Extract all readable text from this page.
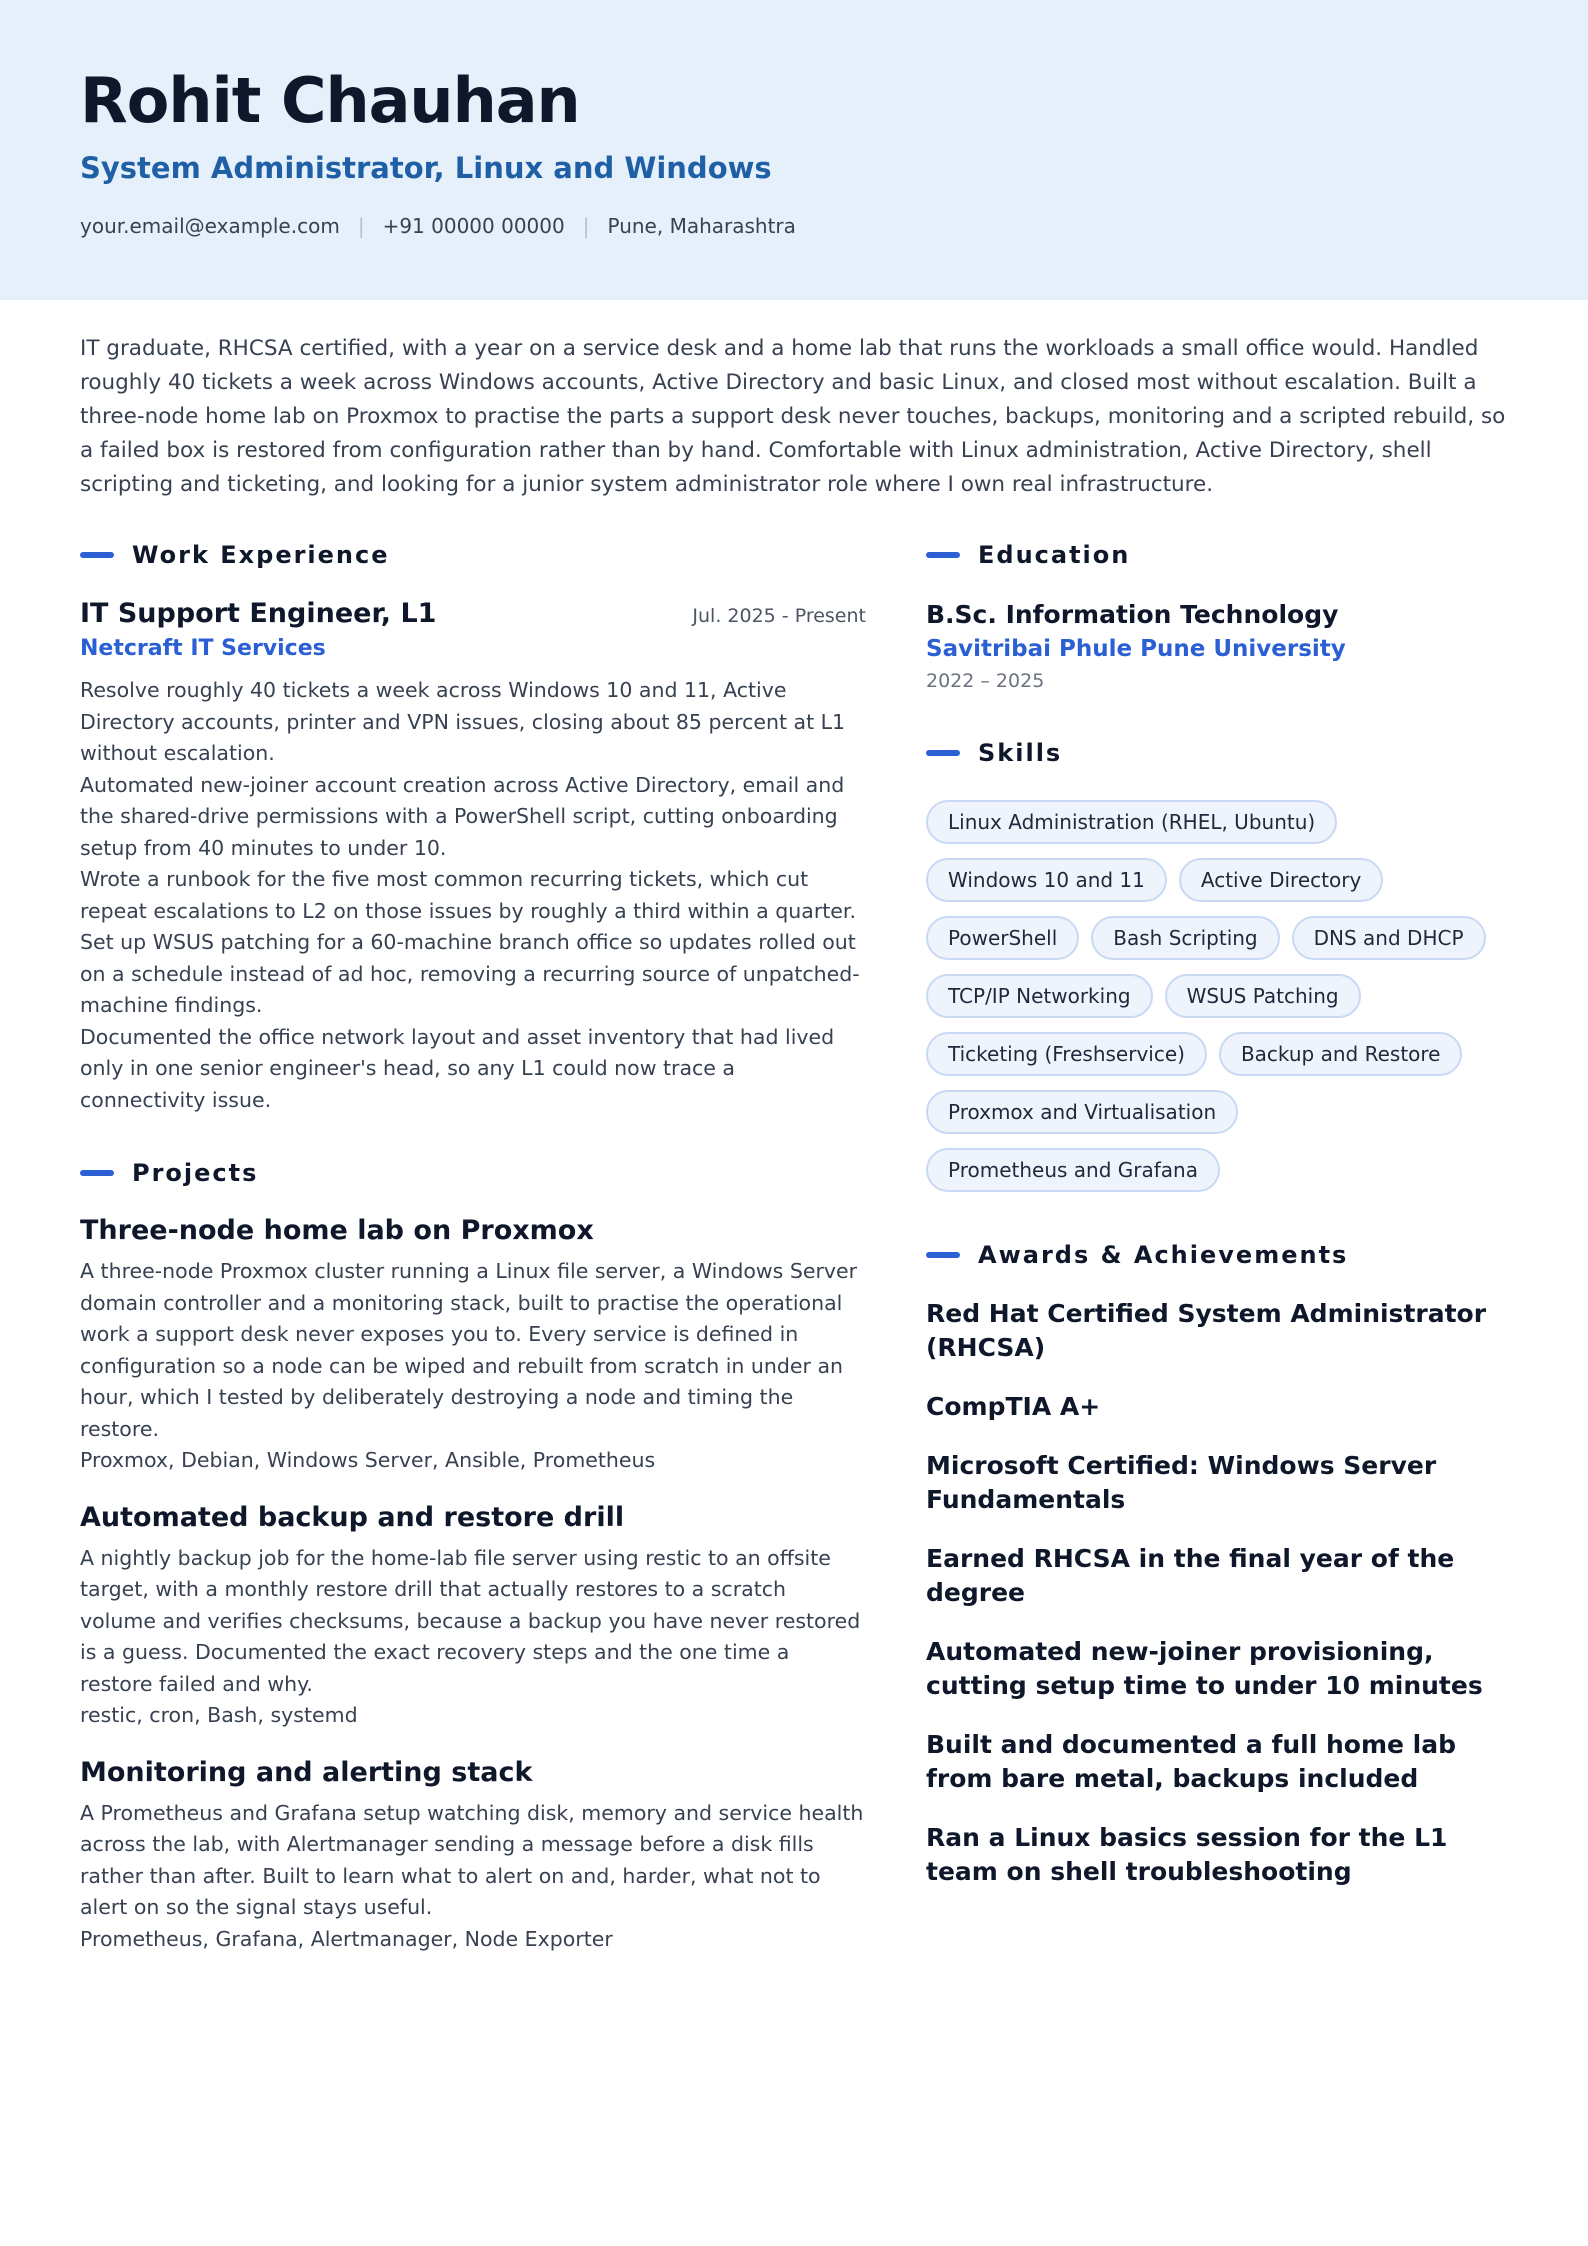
Rohit Chauhan
System Administrator, Linux and Windows
your.email@example.com | +91 00000 00000 | Pune, Maharashtra
IT graduate, RHCSA certified, with a year on a service desk and a home lab that runs the workloads a small office would. Handled roughly 40 tickets a week across Windows accounts, Active Directory and basic Linux, and closed most without escalation. Built a three-node home lab on Proxmox to practise the parts a support desk never touches, backups, monitoring and a scripted rebuild, so a failed box is restored from configuration rather than by hand. Comfortable with Linux administration, Active Directory, shell scripting and ticketing, and looking for a junior system administrator role where I own real infrastructure.
Work Experience
IT Support Engineer, L1	Jul. 2025 - Present
Netcraft IT Services
Resolve roughly 40 tickets a week across Windows 10 and 11, Active Directory accounts, printer and VPN issues, closing about 85 percent at L1 without escalation.
Automated new-joiner account creation across Active Directory, email and the shared-drive permissions with a PowerShell script, cutting onboarding setup from 40 minutes to under 10.
Wrote a runbook for the five most common recurring tickets, which cut repeat escalations to L2 on those issues by roughly a third within a quarter.
Set up WSUS patching for a 60-machine branch office so updates rolled out on a schedule instead of ad hoc, removing a recurring source of unpatched-machine findings.
Documented the office network layout and asset inventory that had lived only in one senior engineer's head, so any L1 could now trace a connectivity issue.
Projects
Three-node home lab on Proxmox
A three-node Proxmox cluster running a Linux file server, a Windows Server domain controller and a monitoring stack, built to practise the operational work a support desk never exposes you to. Every service is defined in configuration so a node can be wiped and rebuilt from scratch in under an hour, which I tested by deliberately destroying a node and timing the restore.
Proxmox, Debian, Windows Server, Ansible, Prometheus
Automated backup and restore drill
A nightly backup job for the home-lab file server using restic to an offsite target, with a monthly restore drill that actually restores to a scratch volume and verifies checksums, because a backup you have never restored is a guess. Documented the exact recovery steps and the one time a restore failed and why.
restic, cron, Bash, systemd
Monitoring and alerting stack
A Prometheus and Grafana setup watching disk, memory and service health across the lab, with Alertmanager sending a message before a disk fills rather than after. Built to learn what to alert on and, harder, what not to alert on so the signal stays useful.
Prometheus, Grafana, Alertmanager, Node Exporter
Education
B.Sc. Information Technology
Savitribai Phule Pune University
2022 – 2025
Skills
Linux Administration (RHEL, Ubuntu)
Windows 10 and 11	Active Directory
PowerShell	Bash Scripting	DNS and DHCP
TCP/IP Networking	WSUS Patching
Ticketing (Freshservice)	Backup and Restore
Proxmox and Virtualisation
Prometheus and Grafana
Awards & Achievements
Red Hat Certified System Administrator (RHCSA)
CompTIA A+
Microsoft Certified: Windows Server Fundamentals
Earned RHCSA in the final year of the degree
Automated new-joiner provisioning, cutting setup time to under 10 minutes
Built and documented a full home lab from bare metal, backups included
Ran a Linux basics session for the L1 team on shell troubleshooting
